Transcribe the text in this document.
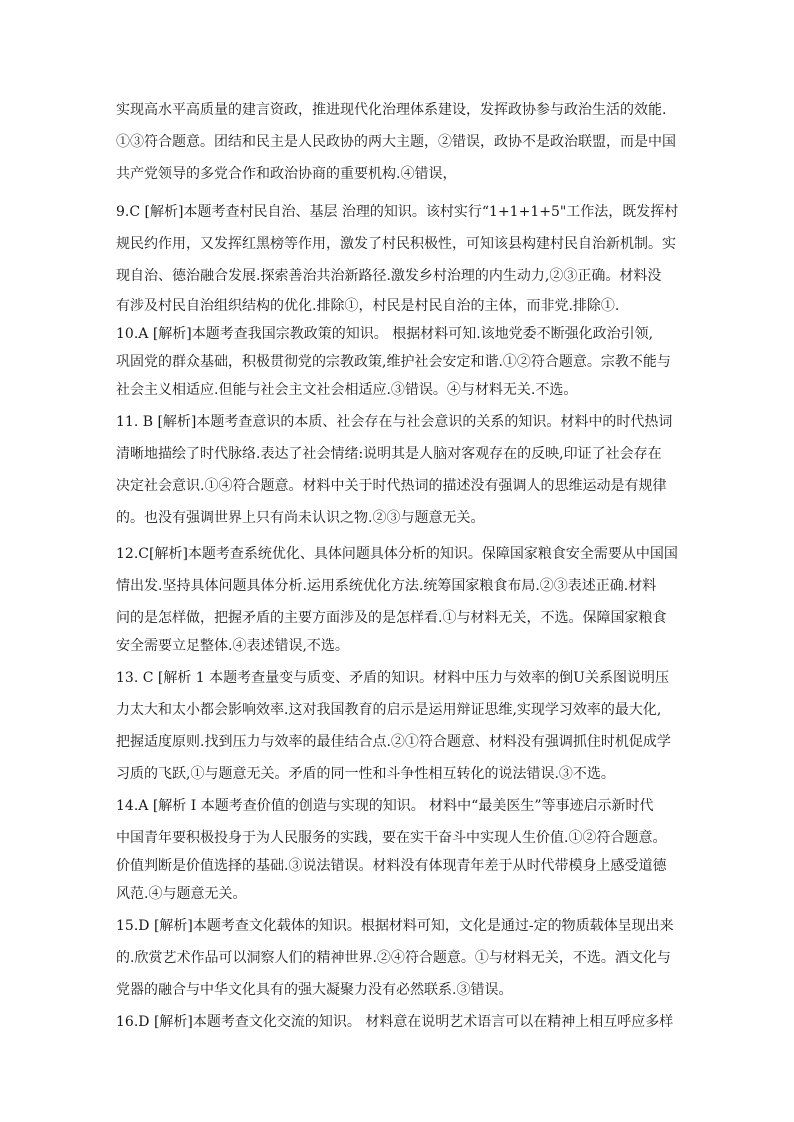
实现高水平高质量的建言资政，推进现代化治理体系建设，发挥政协参与政治生活的效能.
①③符合题意。团结和民主是人民政协的两大主题，②错误，政协不是政治联盟，而是中国
共产党领导的多党合作和政治协商的重要机构.④错误，
9.C [解析]本题考查村民自治、基层 治理的知识。该村实行“1+1+1+5"工作法，既发挥村
规民约作用，又发挥红黑榜等作用，激发了村民积极性，可知该县构建村民自治新机制。实
现自治、德治融合发展.探索善治共治新路径.激发乡村治理的内生动力,②③正确。材料没
有涉及村民自治组织结构的优化.排除①，村民是村民自治的主体，而非党.排除①.
10.A [解析]本题考查我国宗教政策的知识。 根据材料可知.该地党委不断强化政治引领,
巩固党的群众基础，积极贯彻党的宗教政策,维护社会安定和谐.①②符合题意。宗教不能与
社会主义相适应.但能与社会主文社会相适应.③错误。④与材料无关.不选。
11. B [解析]本题考查意识的本质、社会存在与社会意识的关系的知识。材料中的时代热词
清晰地描绘了时代脉络.表达了社会情绪:说明其是人脑对客观存在的反映,印证了社会存在
决定社会意识.①④符合题意。材料中关于时代热词的描述没有强调人的思维运动是有规律
的。也没有强调世界上只有尚未认识之物.②③与题意无关。
12.C[解析]本题考查系统优化、具体问题具体分析的知识。保障国家粮食安全需要从中国国
情出发.坚持具体问题具体分析.运用系统优化方法.统筹国家粮食布局.②③表述正确.材料
问的是怎样做，把握矛盾的主要方面涉及的是怎样看.①与材料无关，不选。保障国家粮食
安全需要立足整体.④表述错误,不选。
13. C [解析 1 本题考查量变与质变、矛盾的知识。材料中压力与效率的倒U关系图说明压
力太大和太小都会影响效率.这对我国教育的启示是运用辩证思维,实现学习效率的最大化,
把握适度原则.找到压力与效率的最佳结合点.②①符合题意、材料没有强调抓住时机促成学
习质的飞跃,①与题意无关。矛盾的同一性和斗争性相互转化的说法错误.③不选。
14.A [解析 I 本题考查价值的创造与实现的知识。 材料中“最美医生”等事迹启示新时代
中国青年要积极投身于为人民服务的实践，要在实干奋斗中实现人生价值.①②符合题意。
价值判断是价值选择的基础.③说法错误。材料没有体现青年差于从时代带模身上感受道德
风范.④与题意无关。
15.D [解析]本题考查文化载体的知识。根据材料可知，文化是通过-定的物质载体呈现出来
的.欣赏艺术作品可以洞察人们的精神世界.②④符合题意。①与材料无关，不选。酒文化与
党器的融合与中华文化具有的强大凝聚力没有必然联系.③错误。
16.D [解析]本题考查文化交流的知识。 材料意在说明艺术语言可以在精神上相互呼应多样
